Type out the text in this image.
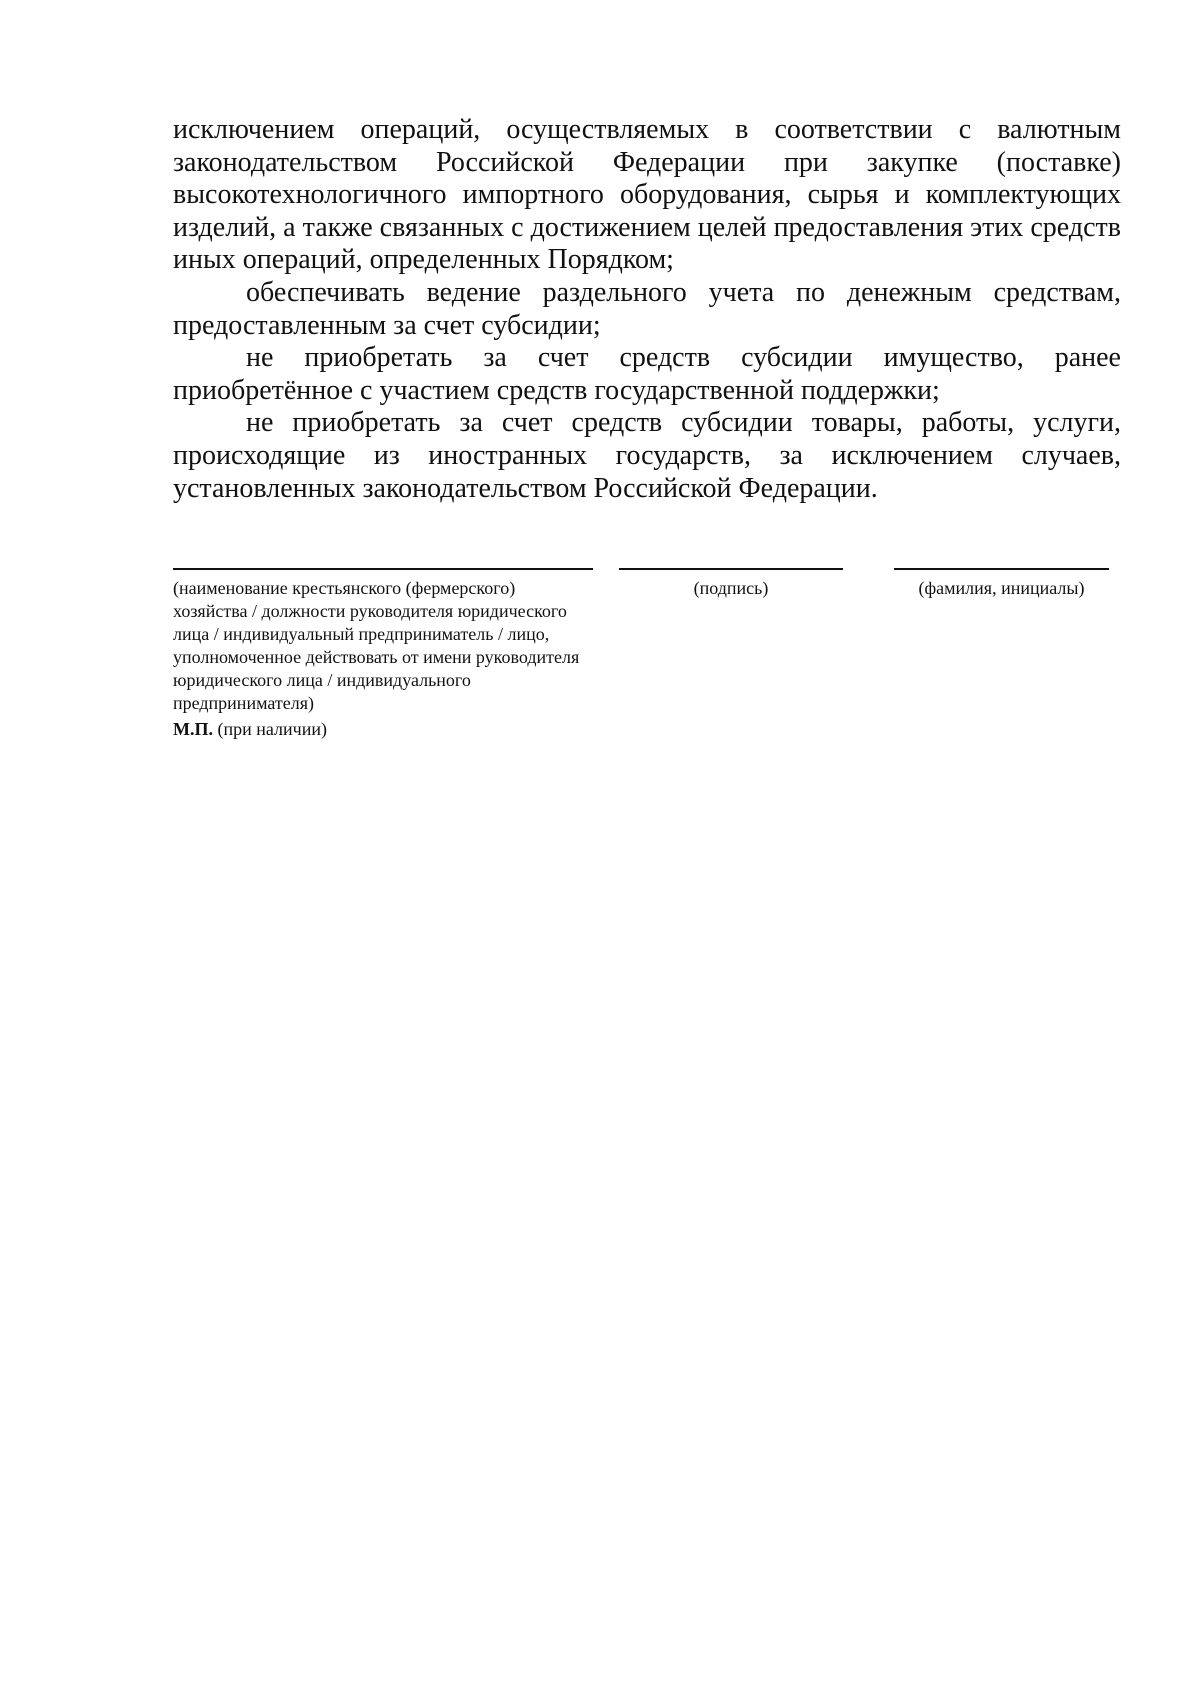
исключением операций, осуществляемых в соответствии с валютным законодательством Российской Федерации при закупке (поставке) высокотехнологичного импортного оборудования, сырья и комплектующих изделий, а также связанных с достижением целей предоставления этих средств иных операций, определенных Порядком;

обеспечивать ведение раздельного учета по денежным средствам, предоставленным за счет субсидии;

не приобретать за счет средств субсидии имущество, ранее приобретённое с участием средств государственной поддержки;

не приобретать за счет средств субсидии товары, работы, услуги, происходящие из иностранных государств, за исключением случаев, установленных законодательством Российской Федерации.

(наименование крестьянского (фермерского) хозяйства / должности руководителя юридического лица / индивидуальный предприниматель / лицо, уполномоченное действовать от имени руководителя юридического лица / индивидуального предпринимателя)
М.П. (при наличии)
(подпись)	(фамилия, инициалы)
